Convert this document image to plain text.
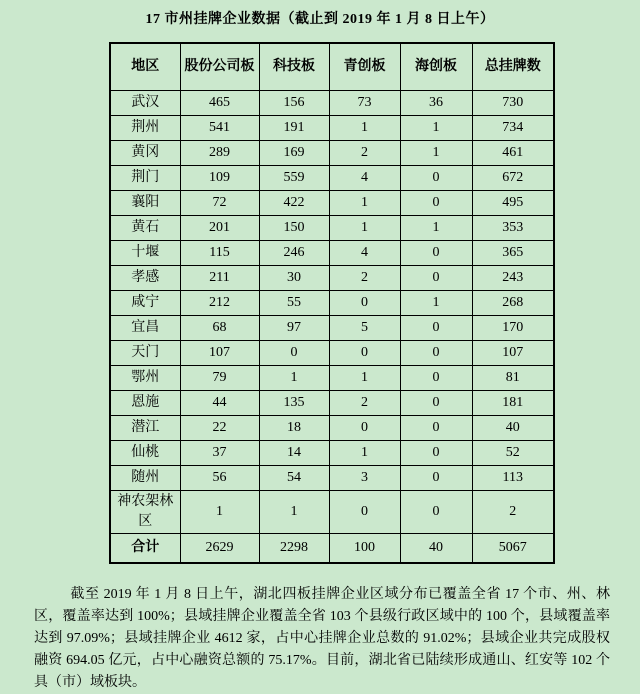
17 市州挂牌企业数据（截止到 2019 年 1 月 8 日上午）
地区	股份公司板	科技板	青创板	海创板	总挂牌数
武汉	465	156	73	36	730
荆州	541	191	1	1	734
黄冈	289	169	2	1	461
荆门	109	559	4	0	672
襄阳	72	422	1	0	495
黄石	201	150	1	1	353
十堰	115	246	4	0	365
孝感	211	30	2	0	243
咸宁	212	55	0	1	268
宜昌	68	97	5	0	170
天门	107	0	0	0	107
鄂州	79	1	1	0	81
恩施	44	135	2	0	181
潜江	22	18	0	0	40
仙桃	37	14	1	0	52
随州	56	54	3	0	113
神农架林区	1	1	0	0	2
合计	2629	2298	100	40	5067

截至 2019 年 1 月 8 日上午，湖北四板挂牌企业区域分布已覆盖全省 17 个市、州、林区，覆盖率达到 100%；县域挂牌企业覆盖全省 103 个县级行政区域中的 100 个，县域覆盖率达到 97.09%；县域挂牌企业 4612 家，占中心挂牌企业总数的 91.02%；县域企业共完成股权融资 694.05 亿元，占中心融资总额的 75.17%。目前，湖北省已陆续形成通山、红安等 102 个具（市）域板块。
